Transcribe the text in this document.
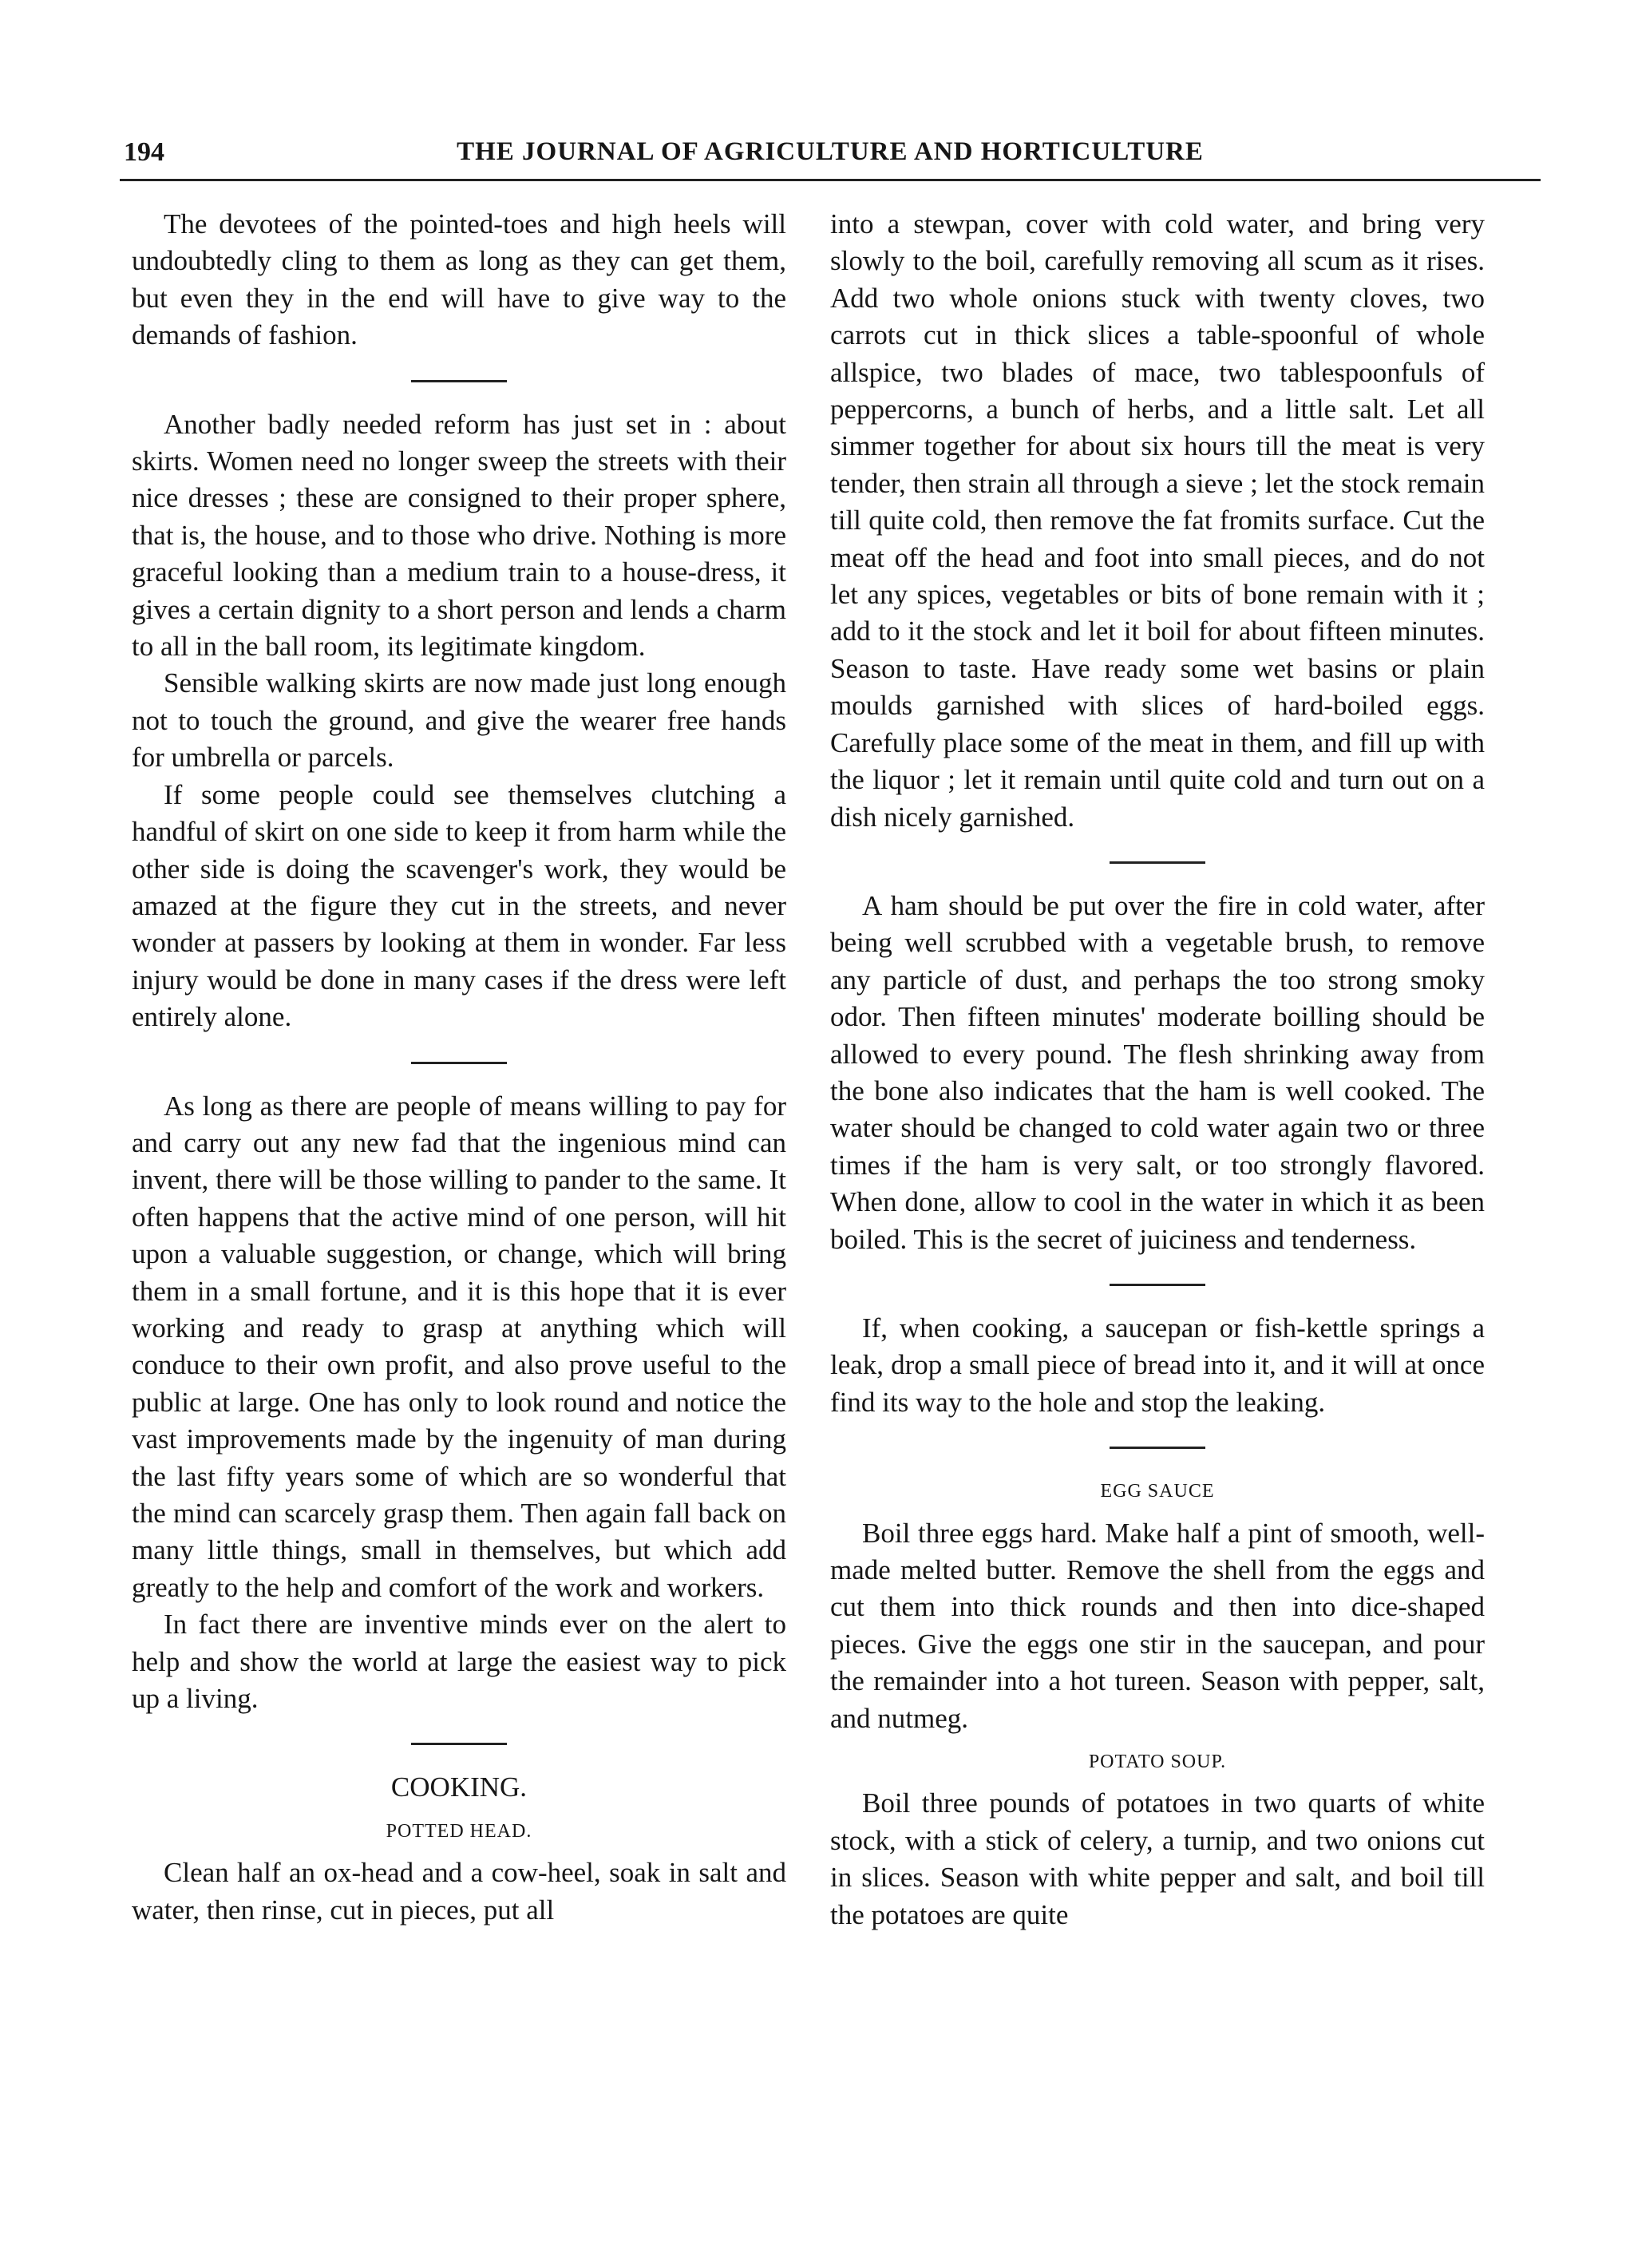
194	THE JOURNAL OF AGRICULTURE AND HORTICULTURE

The devotees of the pointed-toes and high heels will undoubtedly cling to them as long as they can get them, but even they in the end will have to give way to the demands of fashion.

Another badly needed reform has just set in : about skirts. Women need no longer sweep the streets with their nice dresses ; these are consigned to their proper sphere, that is, the house, and to those who drive. Nothing is more graceful looking than a medium train to a house-dress, it gives a certain dignity to a short person and lends a charm to all in the ball room, its legitimate kingdom.

Sensible walking skirts are now made just long enough not to touch the ground, and give the wearer free hands for umbrella or parcels.

If some people could see themselves clutching a handful of skirt on one side to keep it from harm while the other side is doing the scavenger's work, they would be amazed at the figure they cut in the streets, and never wonder at passers by looking at them in wonder. Far less injury would be done in many cases if the dress were left entirely alone.

As long as there are people of means willing to pay for and carry out any new fad that the ingenious mind can invent, there will be those willing to pander to the same. It often happens that the active mind of one person, will hit upon a valuable suggestion, or change, which will bring them in a small fortune, and it is this hope that it is ever working and ready to grasp at anything which will conduce to their own profit, and also prove useful to the public at large. One has only to look round and notice the vast improvements made by the ingenuity of man during the last fifty years some of which are so wonderful that the mind can scarcely grasp them. Then again fall back on many little things, small in themselves, but which add greatly to the help and comfort of the work and workers.

In fact there are inventive minds ever on the alert to help and show the world at large the easiest way to pick up a living.

COOKING.
POTTED HEAD.

Clean half an ox-head and a cow-heel, soak in salt and water, then rinse, cut in pieces, put all

into a stewpan, cover with cold water, and bring very slowly to the boil, carefully removing all scum as it rises. Add two whole onions stuck with twenty cloves, two carrots cut in thick slices a table-spoonful of whole allspice, two blades of mace, two tablespoonfuls of peppercorns, a bunch of herbs, and a little salt. Let all simmer together for about six hours till the meat is very tender, then strain all through a sieve ; let the stock remain till quite cold, then remove the fat fromits surface. Cut the meat off the head and foot into small pieces, and do not let any spices, vegetables or bits of bone remain with it ; add to it the stock and let it boil for about fifteen minutes. Season to taste. Have ready some wet basins or plain moulds garnished with slices of hard-boiled eggs. Carefully place some of the meat in them, and fill up with the liquor ; let it remain until quite cold and turn out on a dish nicely garnished.

A ham should be put over the fire in cold water, after being well scrubbed with a vegetable brush, to remove any particle of dust, and perhaps the too strong smoky odor. Then fifteen minutes' moderate boilling should be allowed to every pound. The flesh shrinking away from the bone also indicates that the ham is well cooked. The water should be changed to cold water again two or three times if the ham is very salt, or too strongly flavored. When done, allow to cool in the water in which it as been boiled. This is the secret of juiciness and tenderness.

If, when cooking, a saucepan or fish-kettle springs a leak, drop a small piece of bread into it, and it will at once find its way to the hole and stop the leaking.

EGG SAUCE

Boil three eggs hard. Make half a pint of smooth, well-made melted butter. Remove the shell from the eggs and cut them into thick rounds and then into dice-shaped pieces. Give the eggs one stir in the saucepan, and pour the remainder into a hot tureen. Season with pepper, salt, and nutmeg.

POTATO SOUP.

Boil three pounds of potatoes in two quarts of white stock, with a stick of celery, a turnip, and two onions cut in slices. Season with white pepper and salt, and boil till the potatoes are quite
